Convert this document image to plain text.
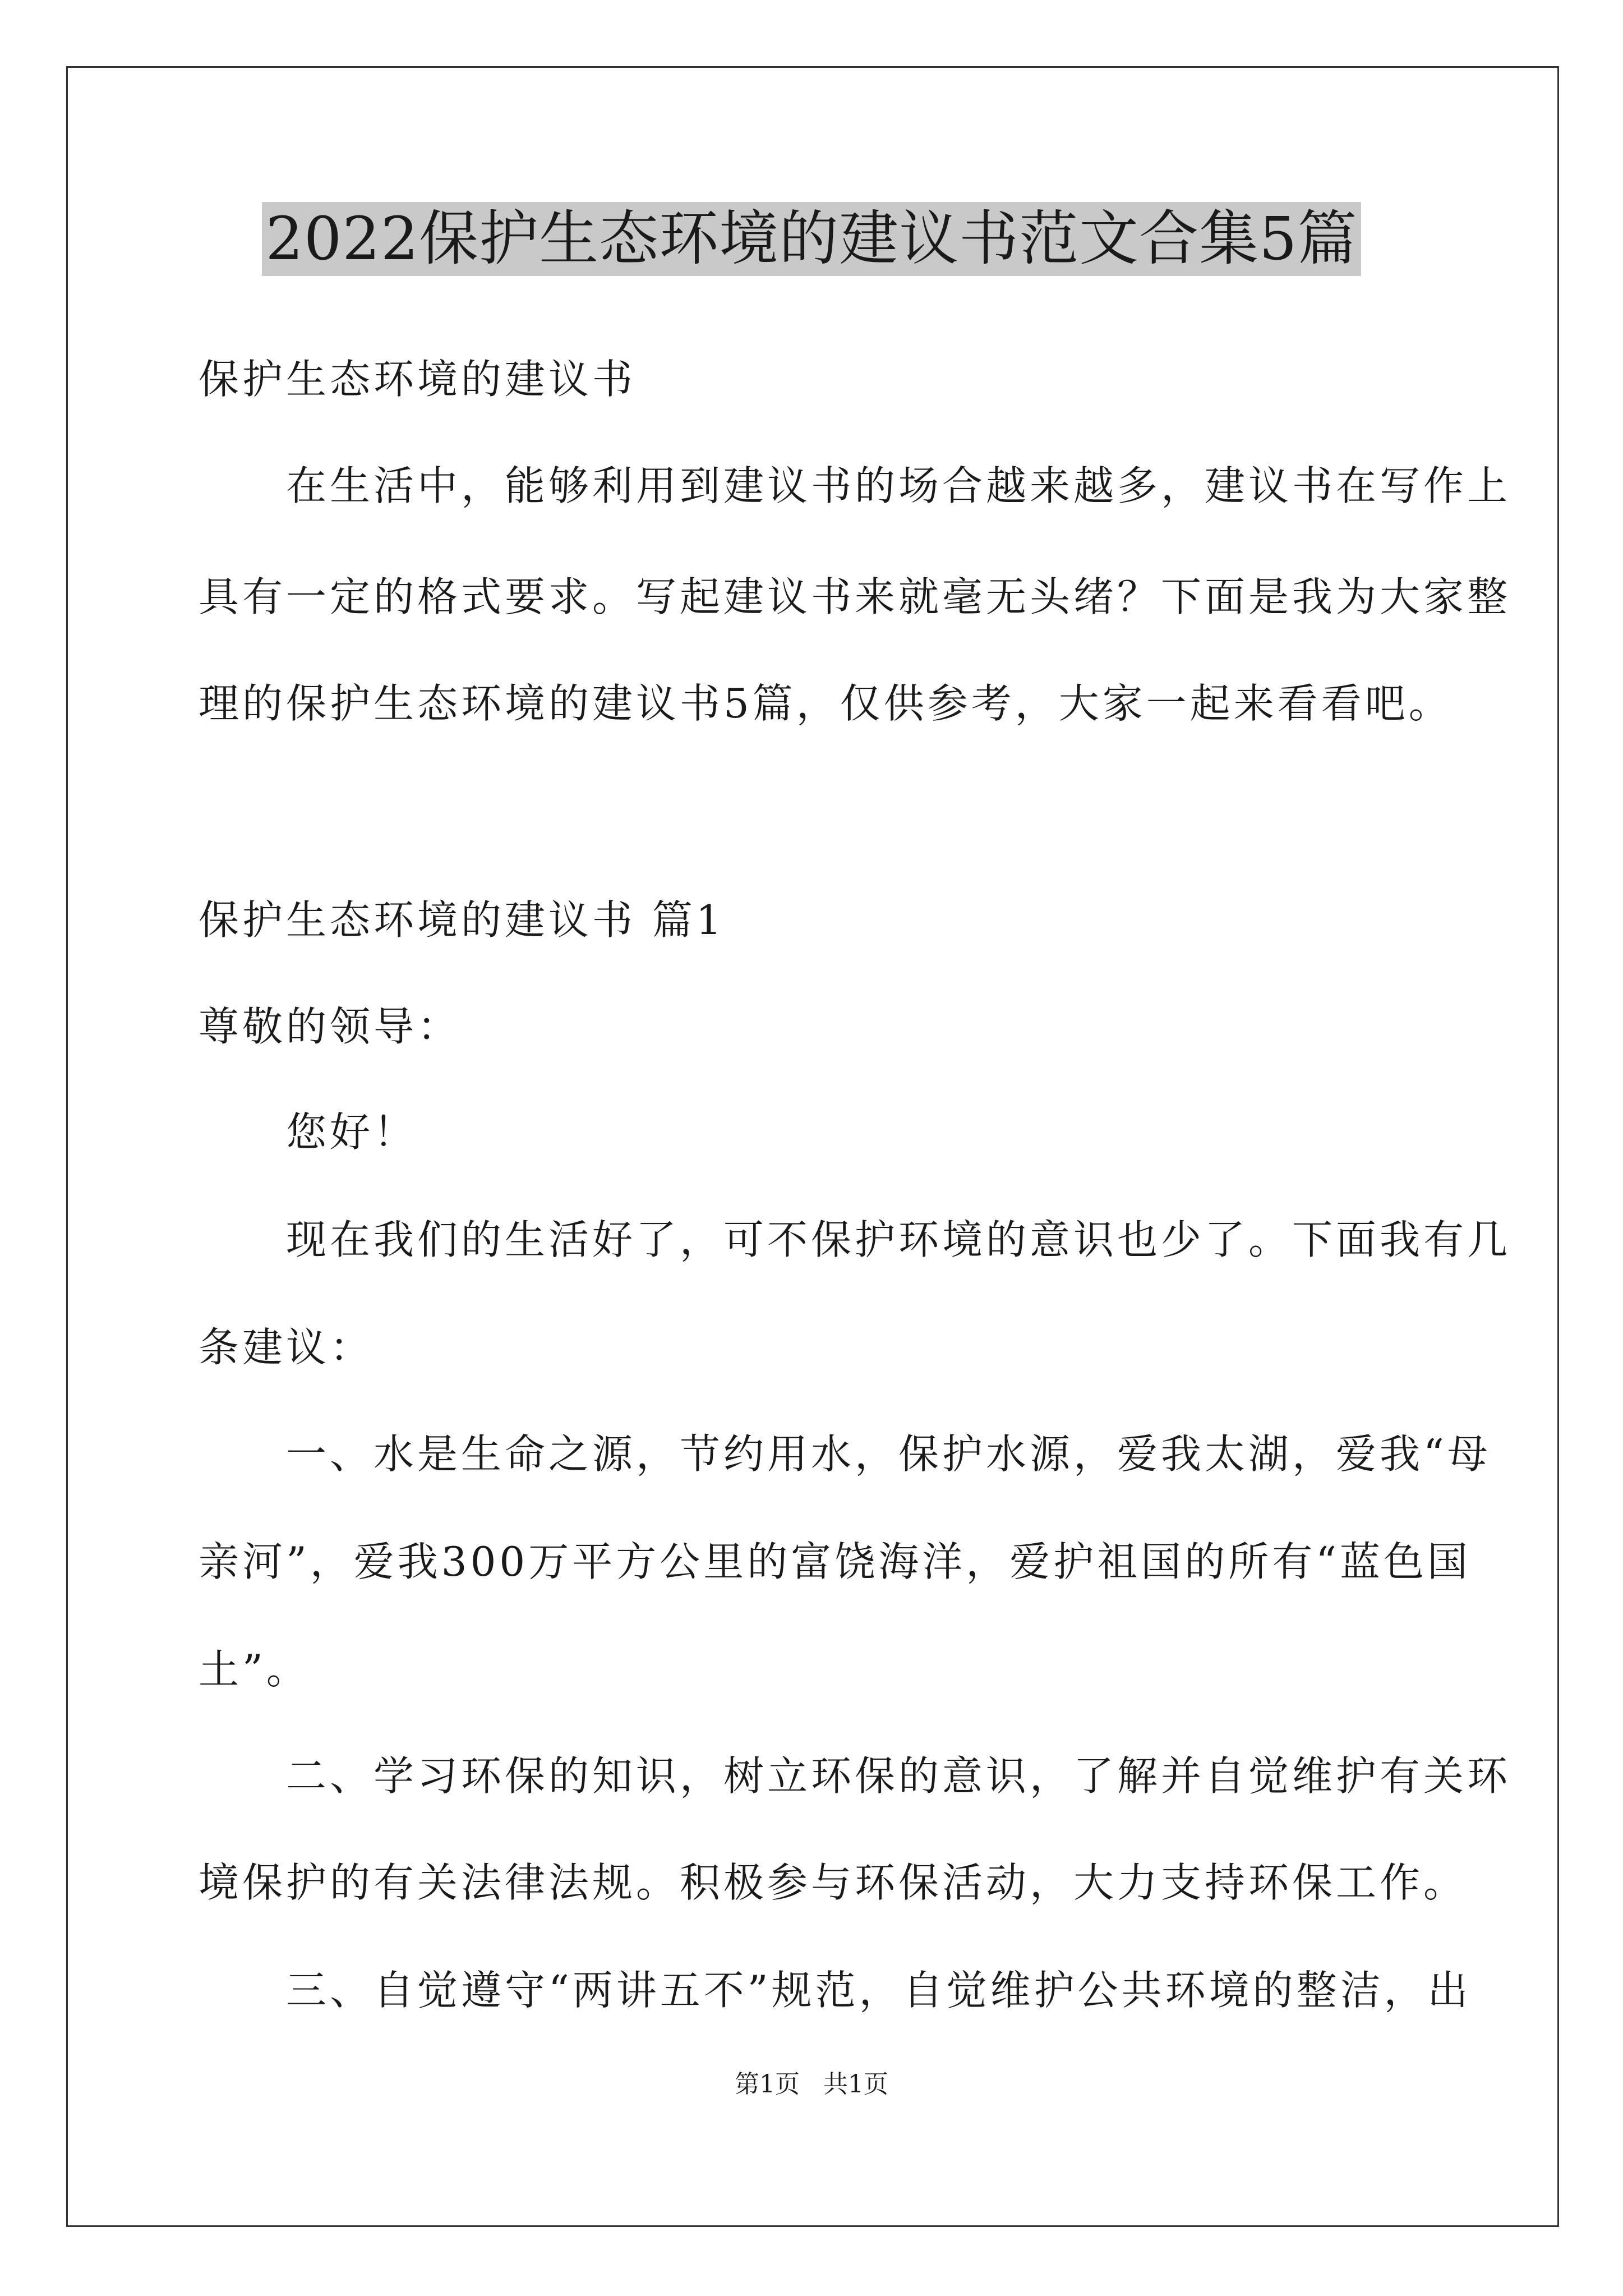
2022保护生态环境的建议书范文合集5篇
保护生态环境的建议书
　　在生活中，能够利用到建议书的场合越来越多，建议书在写作上
具有一定的格式要求。写起建议书来就毫无头绪？下面是我为大家整
理的保护生态环境的建议书5篇，仅供参考，大家一起来看看吧。
保护生态环境的建议书 篇1
尊敬的领导：
　　您好！
　　现在我们的生活好了，可不保护环境的意识也少了。下面我有几
条建议：
　　一、水是生命之源，节约用水，保护水源，爱我太湖，爱我“母
亲河”，爱我300万平方公里的富饶海洋，爱护祖国的所有“蓝色国
土”。
　　二、学习环保的知识，树立环保的意识，了解并自觉维护有关环
境保护的有关法律法规。积极参与环保活动，大力支持环保工作。
　　三、自觉遵守“两讲五不”规范，自觉维护公共环境的整洁，出
第1页 共1页
